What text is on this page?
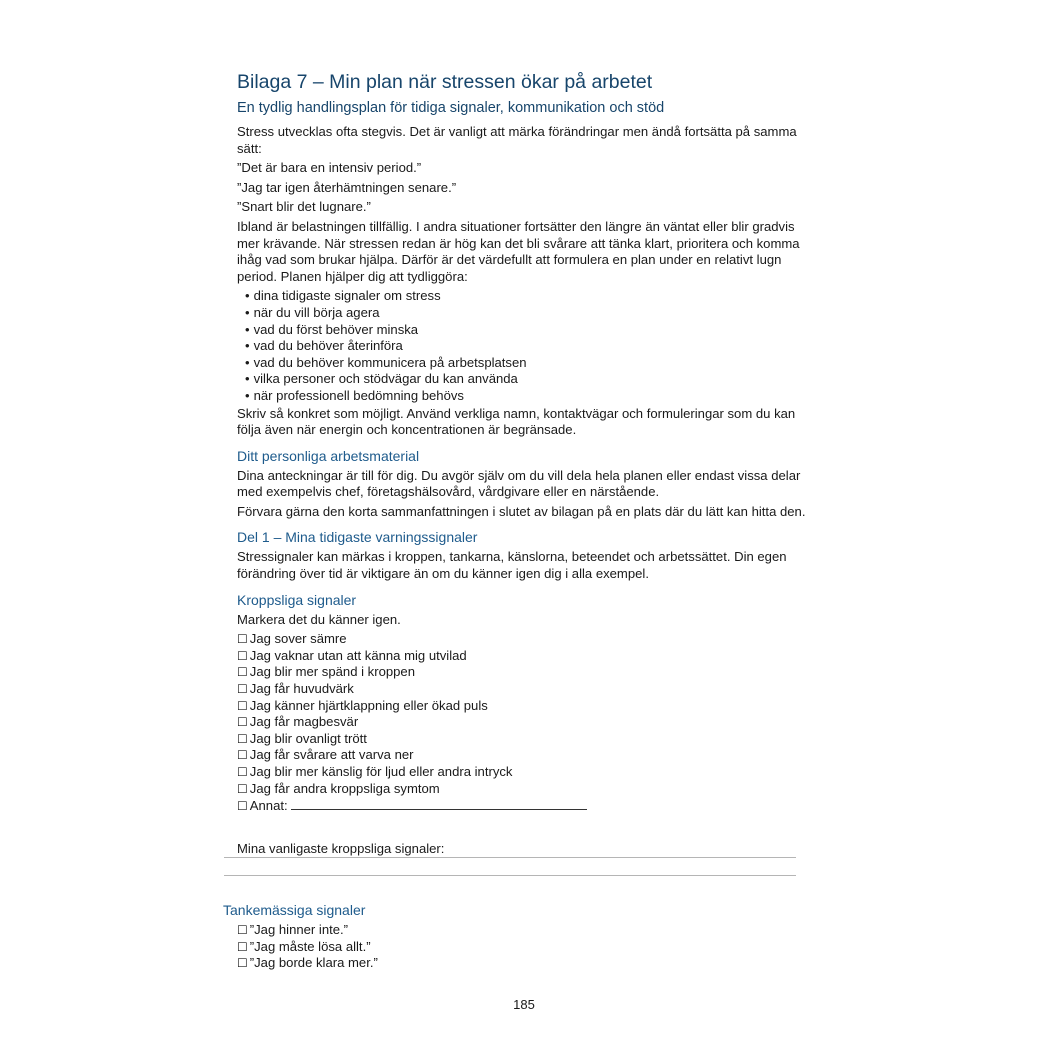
Bilaga 7 – Min plan när stressen ökar på arbetet
En tydlig handlingsplan för tidiga signaler, kommunikation och stöd

Stress utvecklas ofta stegvis. Det är vanligt att märka förändringar men ändå fortsätta på samma sätt:

”Det är bara en intensiv period.”

”Jag tar igen återhämtningen senare.”

”Snart blir det lugnare.”

Ibland är belastningen tillfällig. I andra situationer fortsätter den längre än väntat eller blir gradvis mer krävande. När stressen redan är hög kan det bli svårare att tänka klart, prioritera och komma ihåg vad som brukar hjälpa. Därför är det värdefullt att formulera en plan under en relativt lugn period. Planen hjälper dig att tydliggöra:

• dina tidigaste signaler om stress
• när du vill börja agera
• vad du först behöver minska
• vad du behöver återinföra
• vad du behöver kommunicera på arbetsplatsen
• vilka personer och stödvägar du kan använda
• när professionell bedömning behövs

Skriv så konkret som möjligt. Använd verkliga namn, kontaktvägar och formuleringar som du kan följa även när energin och koncentrationen är begränsade.

Ditt personliga arbetsmaterial

Dina anteckningar är till för dig. Du avgör själv om du vill dela hela planen eller endast vissa delar med exempelvis chef, företagshälsovård, vårdgivare eller en närstående.

Förvara gärna den korta sammanfattningen i slutet av bilagan på en plats där du lätt kan hitta den.

Del 1 – Mina tidigaste varningssignaler

Stressignaler kan märkas i kroppen, tankarna, känslorna, beteendet och arbetssättet. Din egen förändring över tid är viktigare än om du känner igen dig i alla exempel.

Kroppsliga signaler

Markera det du känner igen.

☐ Jag sover sämre
☐ Jag vaknar utan att känna mig utvilad
☐ Jag blir mer spänd i kroppen
☐ Jag får huvudvärk
☐ Jag känner hjärtklappning eller ökad puls
☐ Jag får magbesvär
☐ Jag blir ovanligt trött
☐ Jag får svårare att varva ner
☐ Jag blir mer känslig för ljud eller andra intryck
☐ Jag får andra kroppsliga symtom
☐ Annat:
Mina vanligaste kroppsliga signaler:
Tankemässiga signaler
☐ ”Jag hinner inte.”
☐ ”Jag måste lösa allt.”
☐ ”Jag borde klara mer.”
185
